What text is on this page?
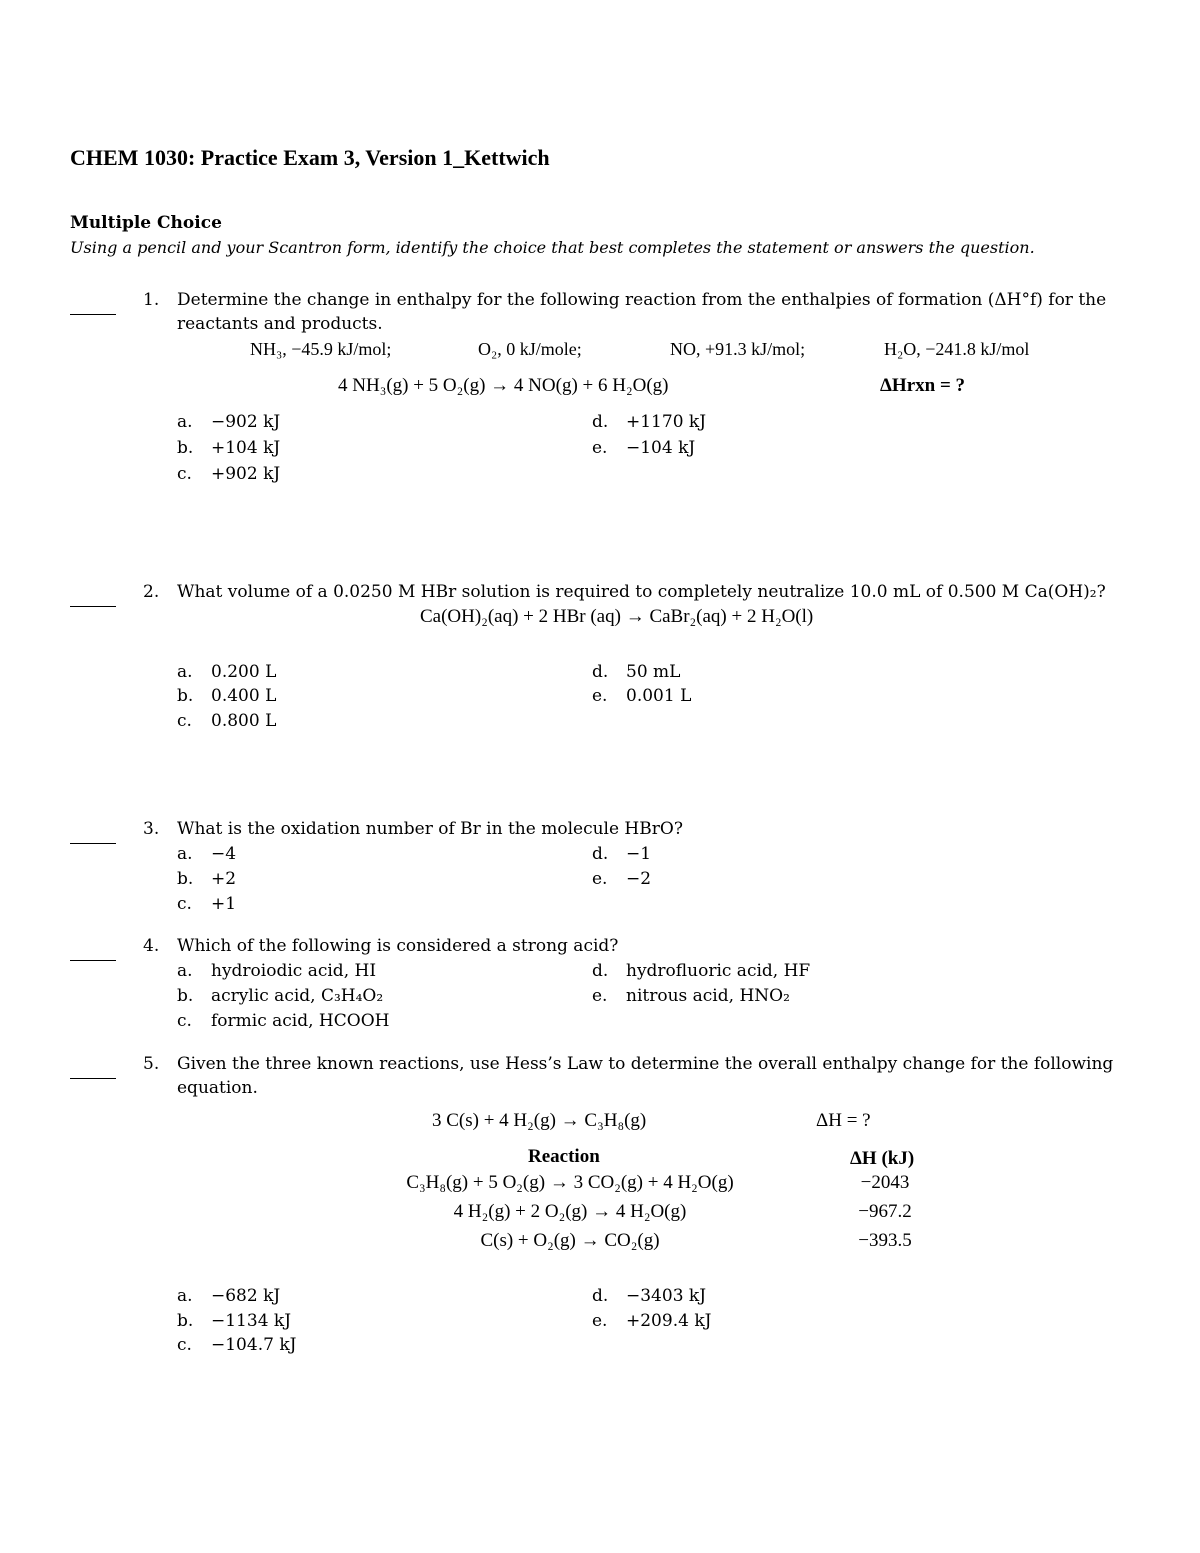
CHEM 1030: Practice Exam 3, Version 1_Kettwich
Multiple Choice
Using a pencil and your Scantron form, identify the choice that best completes the statement or answers the question.
1. Determine the change in enthalpy for the following reaction from the enthalpies of formation (ΔH°f) for the
reactants and products.
NH₃, −45.9 kJ/mol;	O₂, 0 kJ/mole;	NO, +91.3 kJ/mol;	H₂O, −241.8 kJ/mol
4 NH₃(g) + 5 O₂(g) → 4 NO(g) + 6 H₂O(g)	ΔHrxn = ?
a. −902 kJ
b. +104 kJ
c. +902 kJ
d. +1170 kJ
e. −104 kJ
2. What volume of a 0.0250 M HBr solution is required to completely neutralize 10.0 mL of 0.500 M Ca(OH)₂?
Ca(OH)₂(aq) + 2 HBr (aq) → CaBr₂(aq) + 2 H₂O(l)
a. 0.200 L
b. 0.400 L
c. 0.800 L
d. 50 mL
e. 0.001 L
3. What is the oxidation number of Br in the molecule HBrO?
a. −4
b. +2
c. +1
d. −1
e. −2
4. Which of the following is considered a strong acid?
a. hydroiodic acid, HI
b. acrylic acid, C₃H₄O₂
c. formic acid, HCOOH
d. hydrofluoric acid, HF
e. nitrous acid, HNO₂
5. Given the three known reactions, use Hess’s Law to determine the overall enthalpy change for the following
equation.
3 C(s) + 4 H₂(g) → C₃H₈(g)	ΔH = ?
Reaction	ΔH (kJ)
C₃H₈(g) + 5 O₂(g) → 3 CO₂(g) + 4 H₂O(g)	−2043
4 H₂(g) + 2 O₂(g) → 4 H₂O(g)	−967.2
C(s) + O₂(g) → CO₂(g)	−393.5
a. −682 kJ
b. −1134 kJ
c. −104.7 kJ
d. −3403 kJ
e. +209.4 kJ
